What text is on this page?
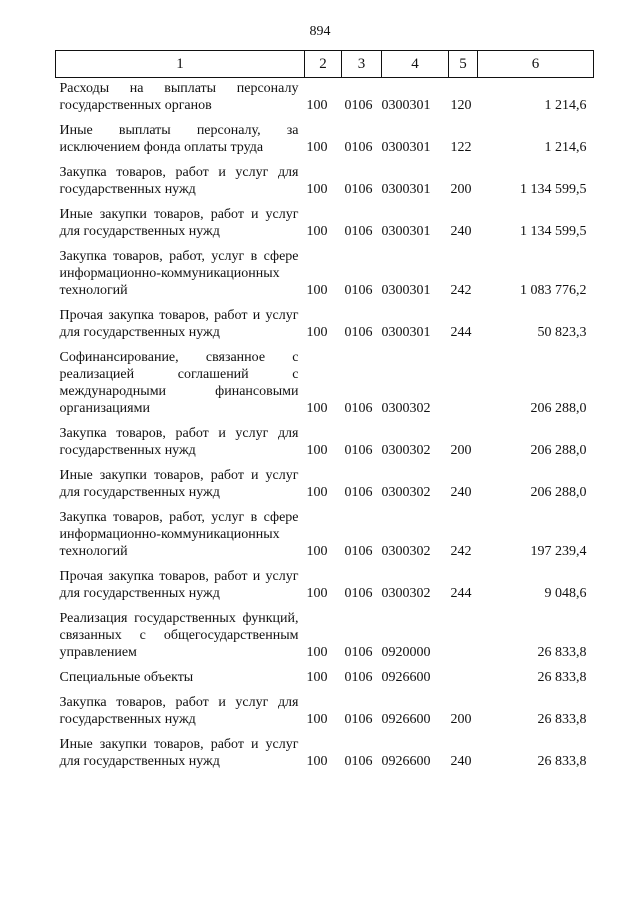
894
1	2	3	4	5	6
Расходы на выплаты персоналу государственных органов	100	0106	0300301	120	1 214,6
Иные выплаты персоналу, за исключением фонда оплаты труда	100	0106	0300301	122	1 214,6
Закупка товаров, работ и услуг для государственных нужд	100	0106	0300301	200	1 134 599,5
Иные закупки товаров, работ и услуг для государственных нужд	100	0106	0300301	240	1 134 599,5
Закупка товаров, работ, услуг в сфере информационно-коммуникационных технологий	100	0106	0300301	242	1 083 776,2
Прочая закупка товаров, работ и услуг для государственных нужд	100	0106	0300301	244	50 823,3
Софинансирование, связанное с реализацией соглашений с международными финансовыми организациями	100	0106	0300302		206 288,0
Закупка товаров, работ и услуг для государственных нужд	100	0106	0300302	200	206 288,0
Иные закупки товаров, работ и услуг для государственных нужд	100	0106	0300302	240	206 288,0
Закупка товаров, работ, услуг в сфере информационно-коммуникационных технологий	100	0106	0300302	242	197 239,4
Прочая закупка товаров, работ и услуг для государственных нужд	100	0106	0300302	244	9 048,6
Реализация государственных функций, связанных с общегосударственным управлением	100	0106	0920000		26 833,8
Специальные объекты	100	0106	0926600		26 833,8
Закупка товаров, работ и услуг для государственных нужд	100	0106	0926600	200	26 833,8
Иные закупки товаров, работ и услуг для государственных нужд	100	0106	0926600	240	26 833,8
